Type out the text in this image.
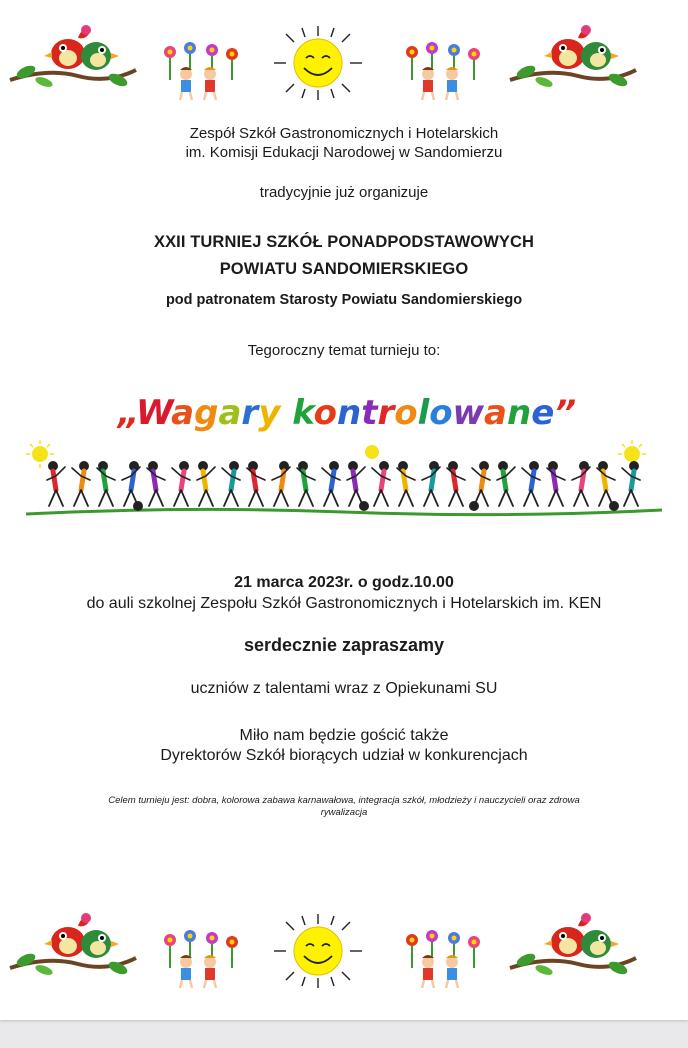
Zespół Szkół Gastronomicznych i Hotelarskich
im. Komisji Edukacji Narodowej w Sandomierzu
tradycyjnie już organizuje
XXII TURNIEJ SZKÓŁ PONADPODSTAWOWYCH
POWIATU SANDOMIERSKIEGO
pod patronatem Starosty Powiatu Sandomierskiego
Tegoroczny temat turnieju to:
„Wagary kontrolowane”
21 marca 2023r. o godz.10.00
do auli szkolnej Zespołu Szkół Gastronomicznych i Hotelarskich im. KEN
serdecznie zapraszamy
uczniów z talentami wraz z Opiekunami SU
Miło nam będzie gościć także
Dyrektorów Szkół biorących udział w konkurencjach
Celem turnieju jest: dobra, kolorowa zabawa karnawałowa, integracja szkół, młodzieży i nauczycieli oraz zdrowa
rywalizacja
